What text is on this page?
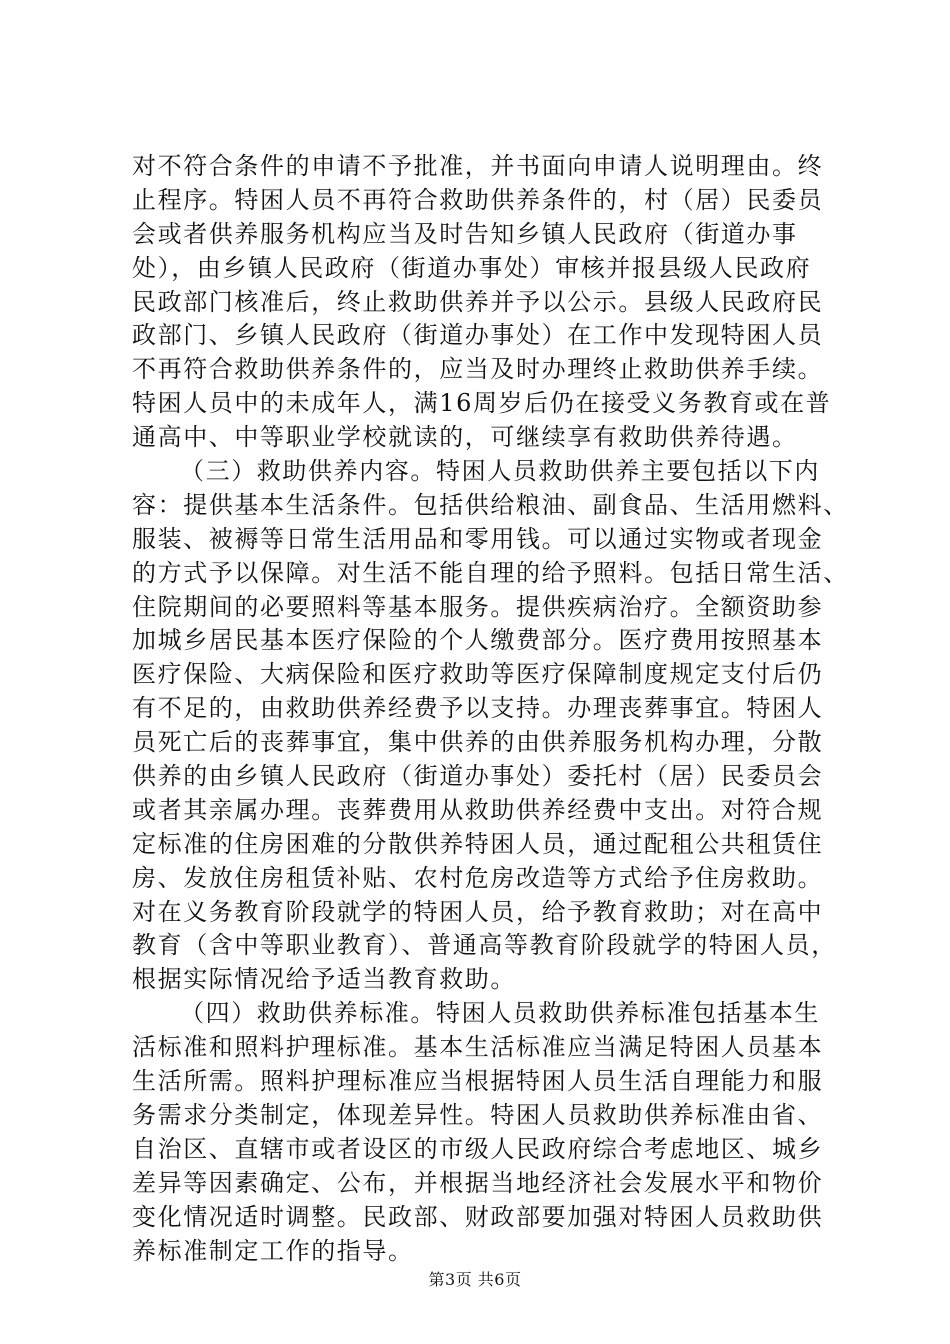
对不符合条件的申请不予批准，并书面向申请人说明理由。终
止程序。特困人员不再符合救助供养条件的，村（居）民委员
会或者供养服务机构应当及时告知乡镇人民政府（街道办事
处），由乡镇人民政府（街道办事处）审核并报县级人民政府
民政部门核准后，终止救助供养并予以公示。县级人民政府民
政部门、乡镇人民政府（街道办事处）在工作中发现特困人员
不再符合救助供养条件的，应当及时办理终止救助供养手续。
特困人员中的未成年人，满16周岁后仍在接受义务教育或在普
通高中、中等职业学校就读的，可继续享有救助供养待遇。
（三）救助供养内容。特困人员救助供养主要包括以下内
容：提供基本生活条件。包括供给粮油、副食品、生活用燃料、
服装、被褥等日常生活用品和零用钱。可以通过实物或者现金
的方式予以保障。对生活不能自理的给予照料。包括日常生活、
住院期间的必要照料等基本服务。提供疾病治疗。全额资助参
加城乡居民基本医疗保险的个人缴费部分。医疗费用按照基本
医疗保险、大病保险和医疗救助等医疗保障制度规定支付后仍
有不足的，由救助供养经费予以支持。办理丧葬事宜。特困人
员死亡后的丧葬事宜，集中供养的由供养服务机构办理，分散
供养的由乡镇人民政府（街道办事处）委托村（居）民委员会
或者其亲属办理。丧葬费用从救助供养经费中支出。对符合规
定标准的住房困难的分散供养特困人员，通过配租公共租赁住
房、发放住房租赁补贴、农村危房改造等方式给予住房救助。
对在义务教育阶段就学的特困人员，给予教育救助；对在高中
教育（含中等职业教育）、普通高等教育阶段就学的特困人员，
根据实际情况给予适当教育救助。
（四）救助供养标准。特困人员救助供养标准包括基本生
活标准和照料护理标准。基本生活标准应当满足特困人员基本
生活所需。照料护理标准应当根据特困人员生活自理能力和服
务需求分类制定，体现差异性。特困人员救助供养标准由省、
自治区、直辖市或者设区的市级人民政府综合考虑地区、城乡
差异等因素确定、公布，并根据当地经济社会发展水平和物价
变化情况适时调整。民政部、财政部要加强对特困人员救助供
养标准制定工作的指导。
第3页 共6页
